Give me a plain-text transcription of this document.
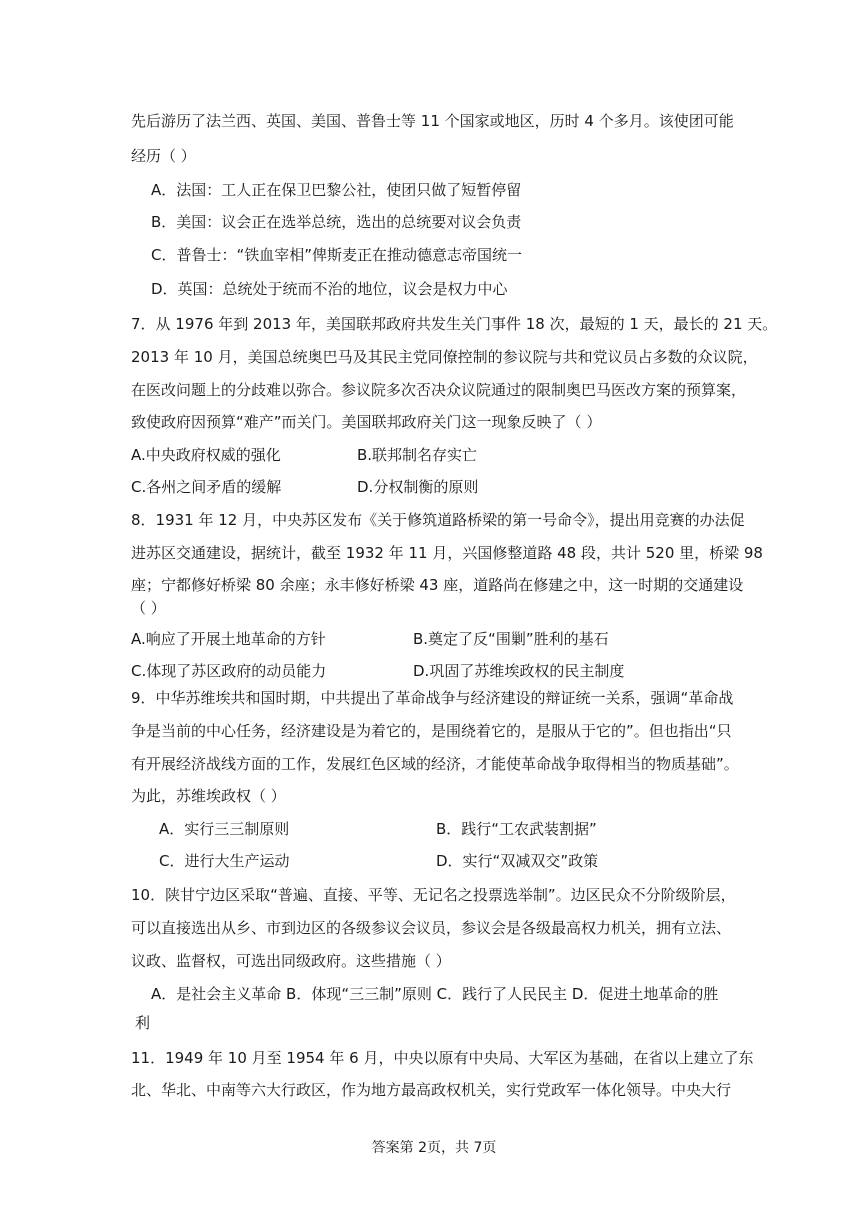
先后游历了法兰西、英国、美国、普鲁士等 11 个国家或地区，历时 4 个多月。该使团可能
经历（ ）
A．法国：工人正在保卫巴黎公社，使团只做了短暂停留
B．美国：议会正在选举总统，选出的总统要对议会负责
C．普鲁士：“铁血宰相”俾斯麦正在推动德意志帝国统一
D．英国：总统处于统而不治的地位，议会是权力中心
7．从 1976 年到 2013 年，美国联邦政府共发生关门事件 18 次，最短的 1 天，最长的 21 天。
2013 年 10 月，美国总统奥巴马及其民主党同僚控制的参议院与共和党议员占多数的众议院，
在医改问题上的分歧难以弥合。参议院多次否决众议院通过的限制奥巴马医改方案的预算案，
致使政府因预算“难产”而关门。美国联邦政府关门这一现象反映了（ ）
A.中央政府权威的强化	B.联邦制名存实亡
C.各州之间矛盾的缓解	D.分权制衡的原则
8．1931 年 12 月，中央苏区发布《关于修筑道路桥梁的第一号命令》，提出用竞赛的办法促
进苏区交通建设，据统计，截至 1932 年 11 月，兴国修整道路 48 段，共计 520 里，桥梁 98
座；宁都修好桥梁 80 余座；永丰修好桥梁 43 座，道路尚在修建之中，这一时期的交通建设
（ ）
A.响应了开展土地革命的方针	B.奠定了反“围剿”胜利的基石
C.体现了苏区政府的动员能力	D.巩固了苏维埃政权的民主制度
9．中华苏维埃共和国时期，中共提出了革命战争与经济建设的辩证统一关系，强调“革命战
争是当前的中心任务，经济建设是为着它的，是围绕着它的，是服从于它的”。但也指出“只
有开展经济战线方面的工作，发展红色区域的经济，才能使革命战争取得相当的物质基础”。
为此，苏维埃政权（ ）
A．实行三三制原则	B．践行“工农武装割据”
C．进行大生产运动	D．实行“双减双交”政策
10．陕甘宁边区采取“普遍、直接、平等、无记名之投票选举制”。边区民众不分阶级阶层，
可以直接选出从乡、市到边区的各级参议会议员，参议会是各级最高权力机关，拥有立法、
议政、监督权，可选出同级政府。这些措施（ ）
A．是社会主义革命 B．体现“三三制”原则 C．践行了人民民主 D．促进土地革命的胜
利
11．1949 年 10 月至 1954 年 6 月，中央以原有中央局、大军区为基础，在省以上建立了东
北、华北、中南等六大行政区，作为地方最高政权机关，实行党政军一体化领导。中央大行
答案第 2页，共 7页
